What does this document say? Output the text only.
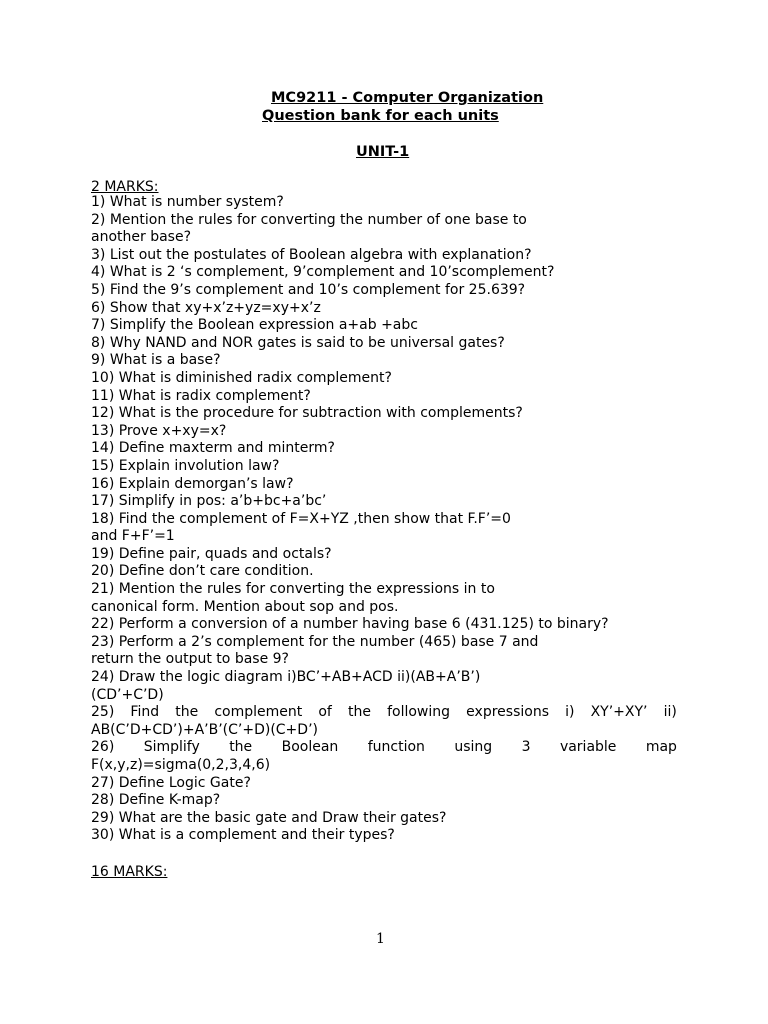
MC9211 - Computer Organization
Question bank for each units
UNIT-1
2 MARKS:
1) What is number system?
2) Mention the rules for converting the number of one base to
another base?
3) List out the postulates of Boolean algebra with explanation?
4) What is 2 ‘s complement, 9’complement and 10’scomplement?
5) Find the 9’s complement and 10’s complement for 25.639?
6) Show that xy+x’z+yz=xy+x’z
7) Simplify the Boolean expression a+ab +abc
8) Why NAND and NOR gates is said to be universal gates?
9) What is a base?
10) What is diminished radix complement?
11) What is radix complement?
12) What is the procedure for subtraction with complements?
13) Prove x+xy=x?
14) Define maxterm and minterm?
15) Explain involution law?
16) Explain demorgan’s law?
17) Simplify in pos: a’b+bc+a’bc’
18) Find the complement of F=X+YZ ,then show that F.F’=0
and F+F’=1
19) Define pair, quads and octals?
20) Define don’t care condition.
21) Mention the rules for converting the expressions in to
canonical form. Mention about sop and pos.
22) Perform a conversion of a number having base 6 (431.125) to binary?
23) Perform a 2’s complement for the number (465) base 7 and
return the output to base 9?
24) Draw the logic diagram i)BC’+AB+ACD ii)(AB+A’B’)
(CD’+C’D)
25) Find the complement of the following expressions i) XY’+XY’ ii)
AB(C’D+CD’)+A’B’(C’+D)(C+D’)
26) Simplify the Boolean function using 3 variable map
F(x,y,z)=sigma(0,2,3,4,6)
27) Define Logic Gate?
28) Define K-map?
29) What are the basic gate and Draw their gates?
30) What is a complement and their types?
16 MARKS:
1
